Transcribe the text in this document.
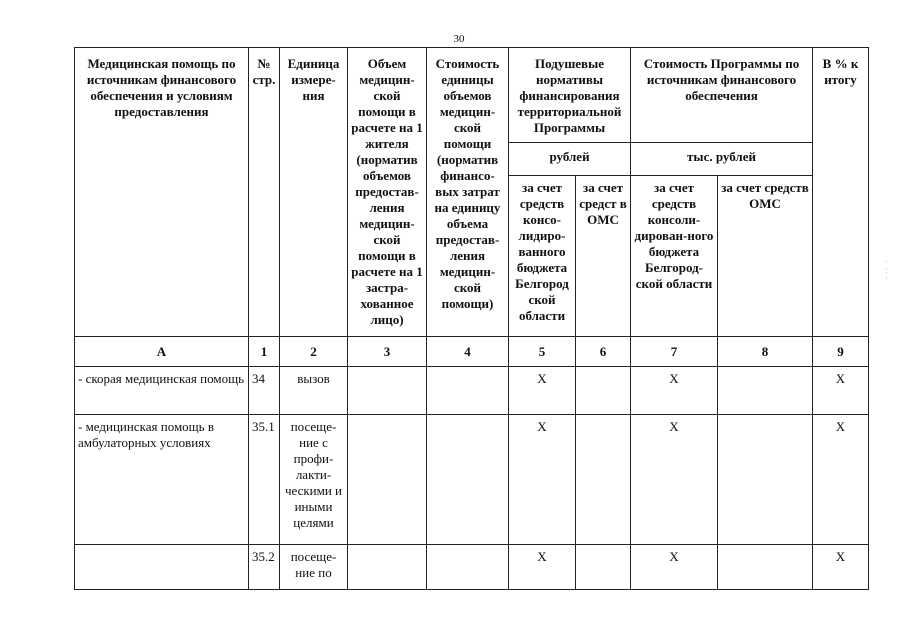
30
Медицинская помощь по источникам финансового обеспечения и условиям предоставления	№ стр.	Единица измере-ния	Объем медицин-ской помощи в расчете на 1 жителя (норматив объемов предостав-ления медицин-ской помощи в расчете на 1 застра-хованное лицо)	Стоимость единицы объемов медицин-ской помощи (норматив финансо-вых затрат на единицу объема предостав-ления медицин-ской помощи)	Подушевые нормативы финансирования территориальной Программы		Стоимость Программы по источникам финансового обеспечения		В % к итогу
					рублей		тыс. рублей		
					за счет средств консо-лидиро-ванного бюджета Белгород ской области	за счет средст в ОМС	за счет средств консоли-дирован-ного бюджета Белгород-ской области	за счет средств ОМС	
А	1	2	3	4	5	6	7	8	9
- скорая медицинская помощь	34	вызов			X		X		X
- медицинская помощь в амбулаторных условиях	35.1	посеще-ние с профи-лакти-ческими и иными целями			X		X		X
	35.2	посеще-ние по			X		X		X
·
:
·
